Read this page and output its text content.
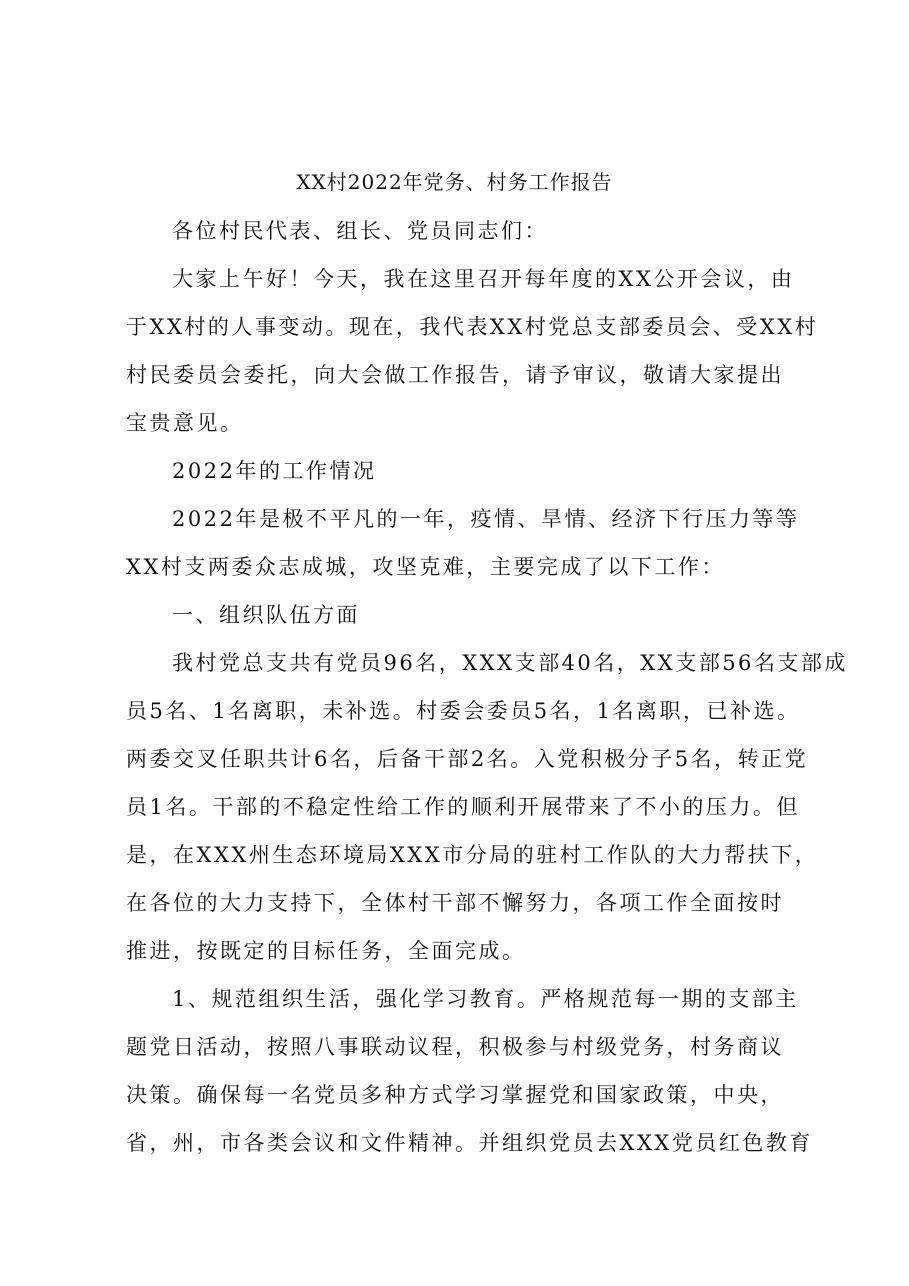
XX村2022年党务、村务工作报告
各位村民代表、组长、党员同志们：
大家上午好！今天，我在这里召开每年度的XX公开会议，由
于XX村的人事变动。现在，我代表XX村党总支部委员会、受XX村
村民委员会委托，向大会做工作报告，请予审议，敬请大家提出
宝贵意见。
2022年的工作情况
2022年是极不平凡的一年，疫情、旱情、经济下行压力等等
XX村支两委众志成城，攻坚克难，主要完成了以下工作：
一、组织队伍方面
我村党总支共有党员96名，XXX支部40名，XX支部56名支部成
员5名、1名离职，未补选。村委会委员5名，1名离职，已补选。
两委交叉任职共计6名，后备干部2名。入党积极分子5名，转正党
员1名。干部的不稳定性给工作的顺利开展带来了不小的压力。但
是，在XXX州生态环境局XXX市分局的驻村工作队的大力帮扶下，
在各位的大力支持下，全体村干部不懈努力，各项工作全面按时
推进，按既定的目标任务，全面完成。
1、规范组织生活，强化学习教育。严格规范每一期的支部主
题党日活动，按照八事联动议程，积极参与村级党务，村务商议
决策。确保每一名党员多种方式学习掌握党和国家政策，中央，
省，州，市各类会议和文件精神。并组织党员去XXX党员红色教育
